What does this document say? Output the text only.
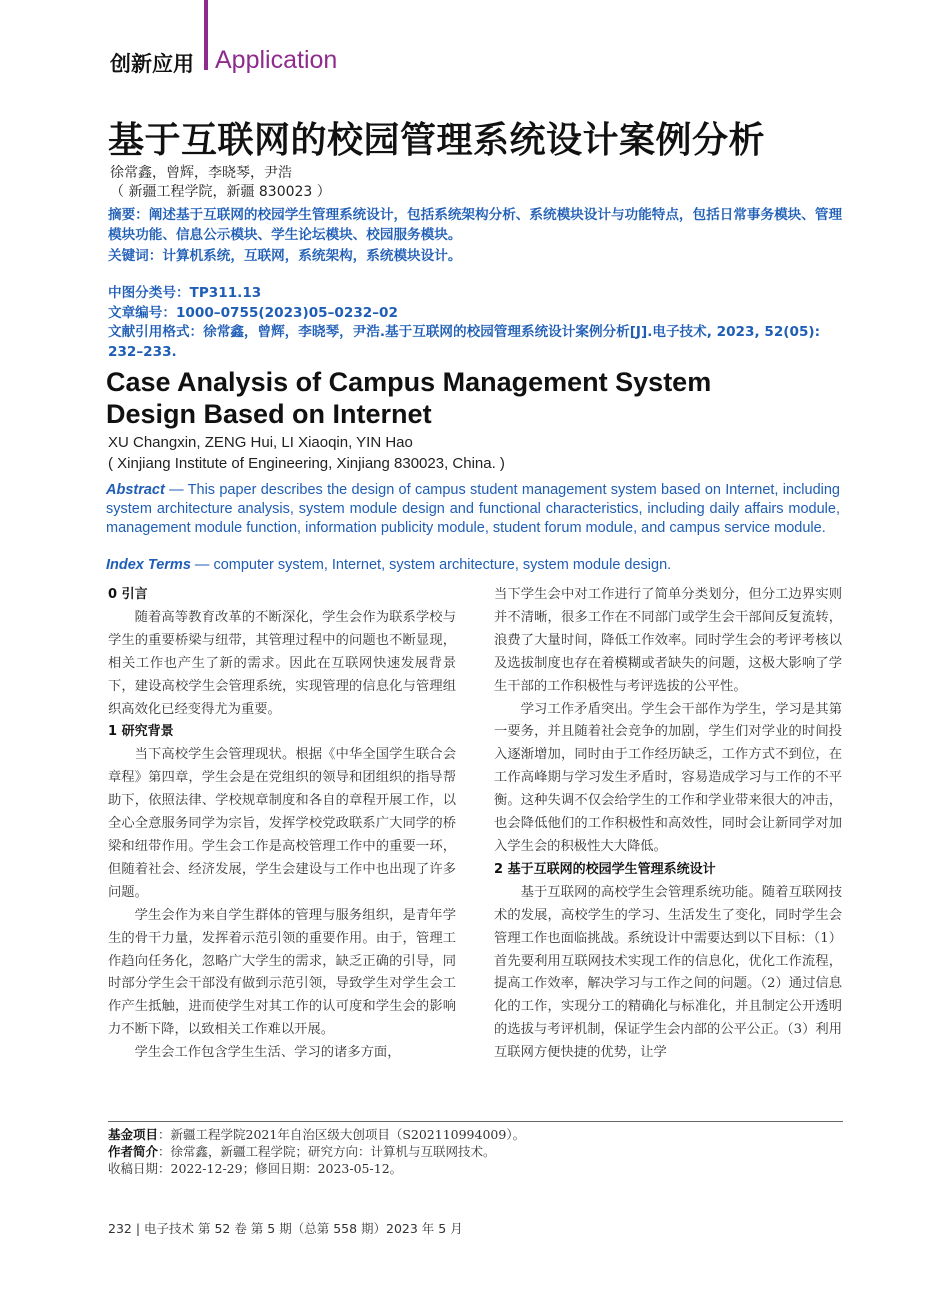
创新应用 Application
基于互联网的校园管理系统设计案例分析
徐常鑫，曾辉，李晓琴，尹浩
（ 新疆工程学院，新疆 830023 ）
摘要：阐述基于互联网的校园学生管理系统设计，包括系统架构分析、系统模块设计与功能特点，包括日常事务模块、管理模块功能、信息公示模块、学生论坛模块、校园服务模块。
关键词：计算机系统，互联网，系统架构，系统模块设计。
中图分类号：TP311.13
文章编号：1000–0755(2023)05–0232–02
文献引用格式：徐常鑫，曾辉，李晓琴，尹浩.基于互联网的校园管理系统设计案例分析[J].电子技术, 2023, 52(05): 232–233.
Case Analysis of Campus Management System
Design Based on Internet
XU Changxin, ZENG Hui, LI Xiaoqin, YIN Hao
( Xinjiang Institute of Engineering, Xinjiang 830023, China. )
Abstract — This paper describes the design of campus student management system based on Internet, including system architecture analysis, system module design and functional characteristics, including daily affairs module, management module function, information publicity module, student forum module, and campus service module.
Index Terms — computer system, Internet, system architecture, system module design.
0 引言

随着高等教育改革的不断深化，学生会作为联系学校与学生的重要桥梁与纽带，其管理过程中的问题也不断显现，相关工作也产生了新的需求。因此在互联网快速发展背景下，建设高校学生会管理系统，实现管理的信息化与管理组织高效化已经变得尤为重要。

1 研究背景

当下高校学生会管理现状。根据《中华全国学生联合会章程》第四章，学生会是在党组织的领导和团组织的指导帮助下，依照法律、学校规章制度和各自的章程开展工作，以全心全意服务同学为宗旨，发挥学校党政联系广大同学的桥梁和纽带作用。学生会工作是高校管理工作中的重要一环，但随着社会、经济发展，学生会建设与工作中也出现了许多问题。

学生会作为来自学生群体的管理与服务组织，是青年学生的骨干力量，发挥着示范引领的重要作用。由于，管理工作趋向任务化，忽略广大学生的需求，缺乏正确的引导，同时部分学生会干部没有做到示范引领，导致学生对学生会工作产生抵触，进而使学生对其工作的认可度和学生会的影响力不断下降，以致相关工作难以开展。

学生会工作包含学生生活、学习的诸多方面，

当下学生会中对工作进行了简单分类划分，但分工边界实则并不清晰，很多工作在不同部门或学生会干部间反复流转，浪费了大量时间，降低工作效率。同时学生会的考评考核以及选拔制度也存在着模糊或者缺失的问题，这极大影响了学生干部的工作积极性与考评选拔的公平性。

学习工作矛盾突出。学生会干部作为学生，学习是其第一要务，并且随着社会竞争的加剧，学生们对学业的时间投入逐渐增加，同时由于工作经历缺乏，工作方式不到位，在工作高峰期与学习发生矛盾时，容易造成学习与工作的不平衡。这种失调不仅会给学生的工作和学业带来很大的冲击，也会降低他们的工作积极性和高效性，同时会让新同学对加入学生会的积极性大大降低。

2 基于互联网的校园学生管理系统设计

基于互联网的高校学生会管理系统功能。随着互联网技术的发展，高校学生的学习、生活发生了变化，同时学生会管理工作也面临挑战。系统设计中需要达到以下目标：（1）首先要利用互联网技术实现工作的信息化，优化工作流程，提高工作效率，解决学习与工作之间的问题。（2）通过信息化的工作，实现分工的精确化与标准化，并且制定公开透明的选拔与考评机制，保证学生会内部的公平公正。（3）利用互联网方便快捷的优势，让学

基金项目：新疆工程学院2021年自治区级大创项目（S202110994009）。
作者简介：徐常鑫，新疆工程学院；研究方向：计算机与互联网技术。
收稿日期：2022-12-29；修回日期：2023-05-12。
232 | 电子技术 第 52 卷 第 5 期（总第 558 期）2023 年 5 月
